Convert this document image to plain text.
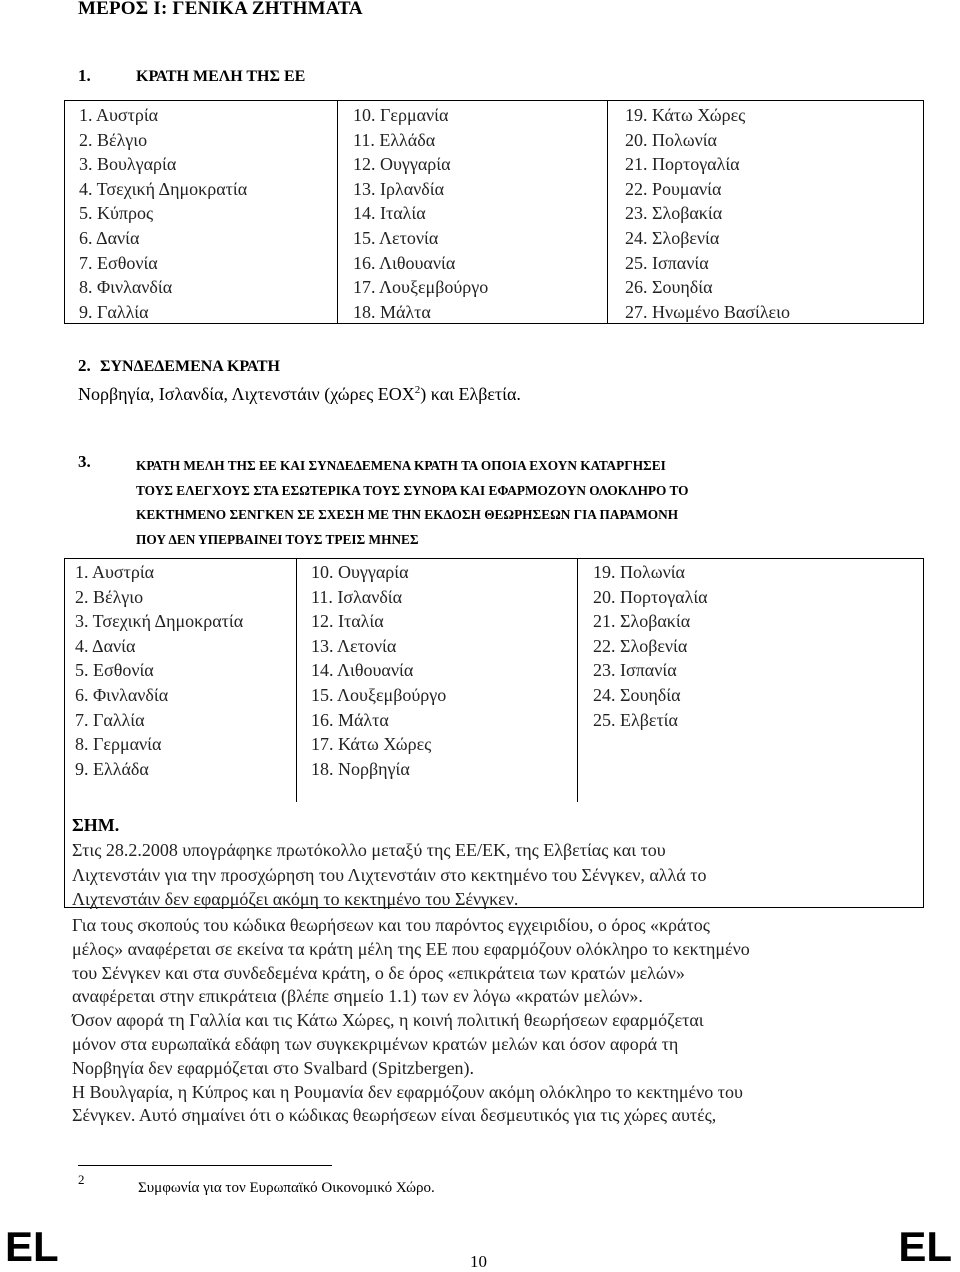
ΜΕΡΟΣ Ι: ΓΕΝΙΚΑ ΖΗΤΗΜΑΤΑ
1.	ΚΡΑΤΗ ΜΕΛΗ ΤΗΣ ΕΕ
1. Αυστρία
2. Βέλγιο
3. Βουλγαρία
4. Τσεχική Δημοκρατία
5. Κύπρος
6. Δανία
7. Εσθονία
8. Φινλανδία
9. Γαλλία
10. Γερμανία
11. Ελλάδα
12. Ουγγαρία
13. Ιρλανδία
14. Ιταλία
15. Λετονία
16. Λιθουανία
17. Λουξεμβούργο
18. Μάλτα
19. Κάτω Χώρες
20. Πολωνία
21. Πορτογαλία
22. Ρουμανία
23. Σλοβακία
24. Σλοβενία
25. Ισπανία
26. Σουηδία
27. Ηνωμένο Βασίλειο
2. ΣΥΝΔΕΔΕΜΕΝΑ ΚΡΑΤΗ
Νορβηγία, Ισλανδία, Λιχτενστάιν (χώρες ΕΟΧ$^2$) και Ελβετία.
3.	ΚΡΑΤΗ ΜΕΛΗ ΤΗΣ ΕΕ ΚΑΙ ΣΥΝΔΕΔΕΜΕΝΑ ΚΡΑΤΗ ΤΑ ΟΠΟΙΑ ΕΧΟΥΝ ΚΑΤΑΡΓΗΣΕΙ
ΤΟΥΣ ΕΛΕΓΧΟΥΣ ΣΤΑ ΕΣΩΤΕΡΙΚΑ ΤΟΥΣ ΣΥΝΟΡΑ ΚΑΙ ΕΦΑΡΜΟΖΟΥΝ ΟΛΟΚΛΗΡΟ ΤΟ
ΚΕΚΤΗΜΕΝΟ ΣΕΝΓΚΕΝ ΣΕ ΣΧΕΣΗ ΜΕ ΤΗΝ ΕΚΔΟΣΗ ΘΕΩΡΗΣΕΩΝ ΓΙΑ ΠΑΡΑΜΟΝΗ
ΠΟΥ ΔΕΝ ΥΠΕΡΒΑΙΝΕΙ ΤΟΥΣ ΤΡΕΙΣ ΜΗΝΕΣ
1. Αυστρία
2. Βέλγιο
3. Τσεχική Δημοκρατία
4. Δανία
5. Εσθονία
6. Φινλανδία
7. Γαλλία
8. Γερμανία
9. Ελλάδα
10. Ουγγαρία
11. Ισλανδία
12. Ιταλία
13. Λετονία
14. Λιθουανία
15. Λουξεμβούργο
16. Μάλτα
17. Κάτω Χώρες
18. Νορβηγία
19. Πολωνία
20. Πορτογαλία
21. Σλοβακία
22. Σλοβενία
23. Ισπανία
24. Σουηδία
25. Ελβετία
ΣΗΜ.
Στις 28.2.2008 υπογράφηκε πρωτόκολλο μεταξύ της ΕΕ/ΕΚ, της Ελβετίας και του
Λιχτενστάιν για την προσχώρηση του Λιχτενστάιν στο κεκτημένο του Σένγκεν, αλλά το
Λιχτενστάιν δεν εφαρμόζει ακόμη το κεκτημένο του Σένγκεν.
Για τους σκοπούς του κώδικα θεωρήσεων και του παρόντος εγχειριδίου, ο όρος «κράτος
μέλος» αναφέρεται σε εκείνα τα κράτη μέλη της ΕΕ που εφαρμόζουν ολόκληρο το κεκτημένο
του Σένγκεν και στα συνδεδεμένα κράτη, ο δε όρος «επικράτεια των κρατών μελών»
αναφέρεται στην επικράτεια (βλέπε σημείο 1.1) των εν λόγω «κρατών μελών».
Όσον αφορά τη Γαλλία και τις Κάτω Χώρες, η κοινή πολιτική θεωρήσεων εφαρμόζεται
μόνον στα ευρωπαϊκά εδάφη των συγκεκριμένων κρατών μελών και όσον αφορά τη
Νορβηγία δεν εφαρμόζεται στο Svalbard (Spitzbergen).
Η Βουλγαρία, η Κύπρος και η Ρουμανία δεν εφαρμόζουν ακόμη ολόκληρο το κεκτημένο του
Σένγκεν. Αυτό σημαίνει ότι ο κώδικας θεωρήσεων είναι δεσμευτικός για τις χώρες αυτές,
2
Συμφωνία για τον Ευρωπαϊκό Οικονομικό Χώρο.
EL	10	EL
